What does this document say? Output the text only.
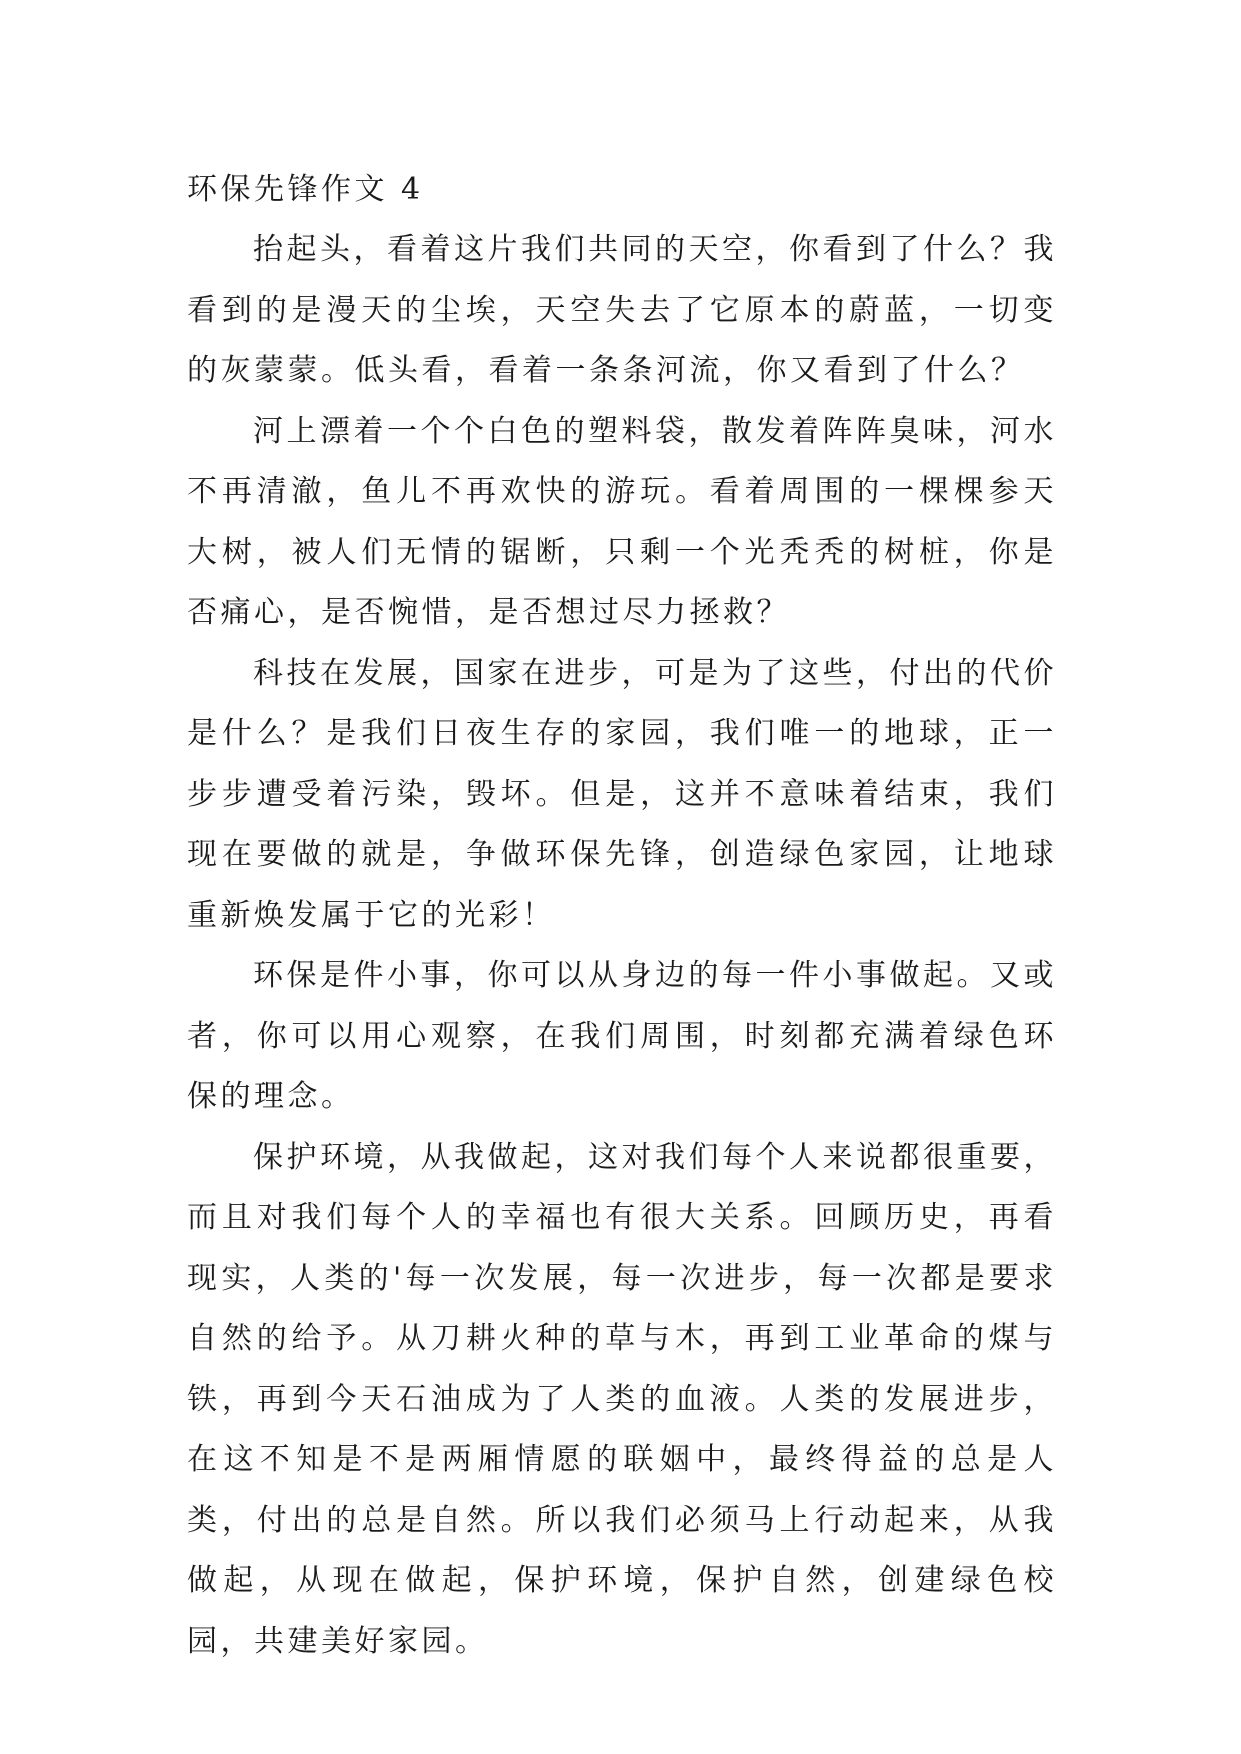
环保先锋作文 4

抬起头，看着这片我们共同的天空，你看到了什么？我看到的是漫天的尘埃，天空失去了它原本的蔚蓝，一切变的灰蒙蒙。低头看，看着一条条河流，你又看到了什么？

河上漂着一个个白色的塑料袋，散发着阵阵臭味，河水不再清澈，鱼儿不再欢快的游玩。看着周围的一棵棵参天大树，被人们无情的锯断，只剩一个光秃秃的树桩，你是否痛心，是否惋惜，是否想过尽力拯救？

科技在发展，国家在进步，可是为了这些，付出的代价是什么？是我们日夜生存的家园，我们唯一的地球，正一步步遭受着污染，毁坏。但是，这并不意味着结束，我们现在要做的就是，争做环保先锋，创造绿色家园，让地球重新焕发属于它的光彩！

环保是件小事，你可以从身边的每一件小事做起。又或者，你可以用心观察，在我们周围，时刻都充满着绿色环保的理念。

保护环境，从我做起，这对我们每个人来说都很重要，而且对我们每个人的幸福也有很大关系。回顾历史，再看现实，人类的'每一次发展，每一次进步，每一次都是要求自然的给予。从刀耕火种的草与木，再到工业革命的煤与铁，再到今天石油成为了人类的血液。人类的发展进步，在这不知是不是两厢情愿的联姻中，最终得益的总是人类，付出的总是自然。所以我们必须马上行动起来，从我做起，从现在做起，保护环境，保护自然，创建绿色校园，共建美好家园。
